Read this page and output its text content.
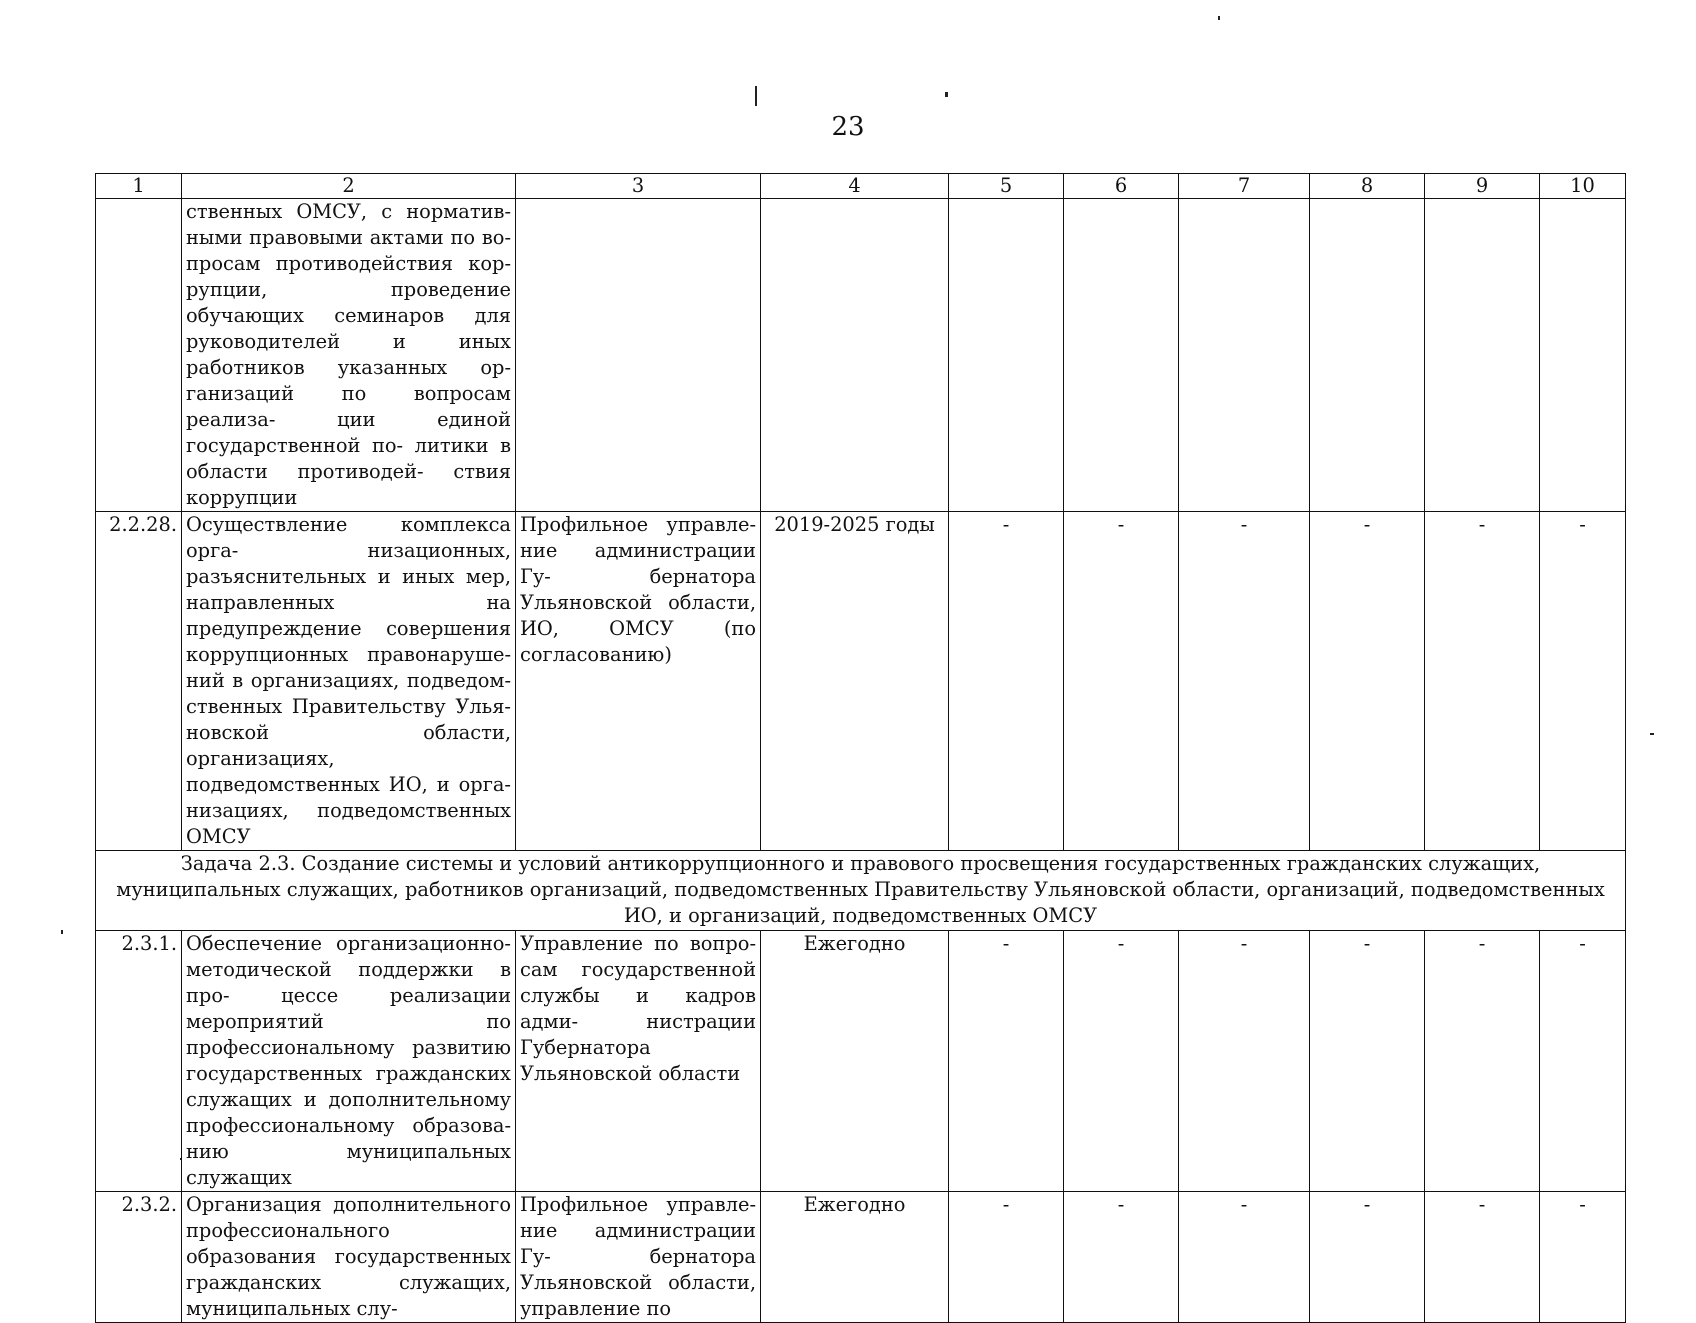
23
1	2	3	4	5	6	7	8	9	10
	ственных ОМСУ, с норматив- ными правовыми актами по во- просам противодействия кор- рупции, проведение обучающих семинаров для руководителей и иных работников указанных ор- ганизаций по вопросам реализа- ции единой государственной по- литики в области противодей- ствия коррупции								
2.2.28.	Осуществление комплекса орга- низационных, разъяснительных и иных мер, направленных на предупреждение совершения коррупционных правонаруше- ний в организациях, подведом- ственных Правительству Улья- новской области, организациях, подведомственных ИО, и орга- низациях, подведомственных ОМСУ	Профильное управле- ние администрации Гу- бернатора Ульяновской области, ИО, ОМСУ (по согласованию)	2019-2025 годы	-	-	-	-	-	-
Задача 2.3. Создание системы и условий антикоррупционного и правового просвещения государственных гражданских служащих, муниципальных служащих, работников организаций, подведомственных Правительству Ульяновской области, организаций, подведомственных ИО, и организаций, подведомственных ОМСУ									
2.3.1.	Обеспечение организационно- методической поддержки в про- цессе реализации мероприятий по профессиональному развитию государственных гражданских служащих и дополнительному профессиональному образова- нию муниципальных служащих	Управление по вопро- сам государственной службы и кадров адми- нистрации Губернатора Ульяновской области	Ежегодно	-	-	-	-	-	-
2.3.2.	Организация дополнительного профессионального образования государственных гражданских служащих, муниципальных слу-	Профильное управле- ние администрации Гу- бернатора Ульяновской области, управление по	Ежегодно	-	-	-	-	-	-
